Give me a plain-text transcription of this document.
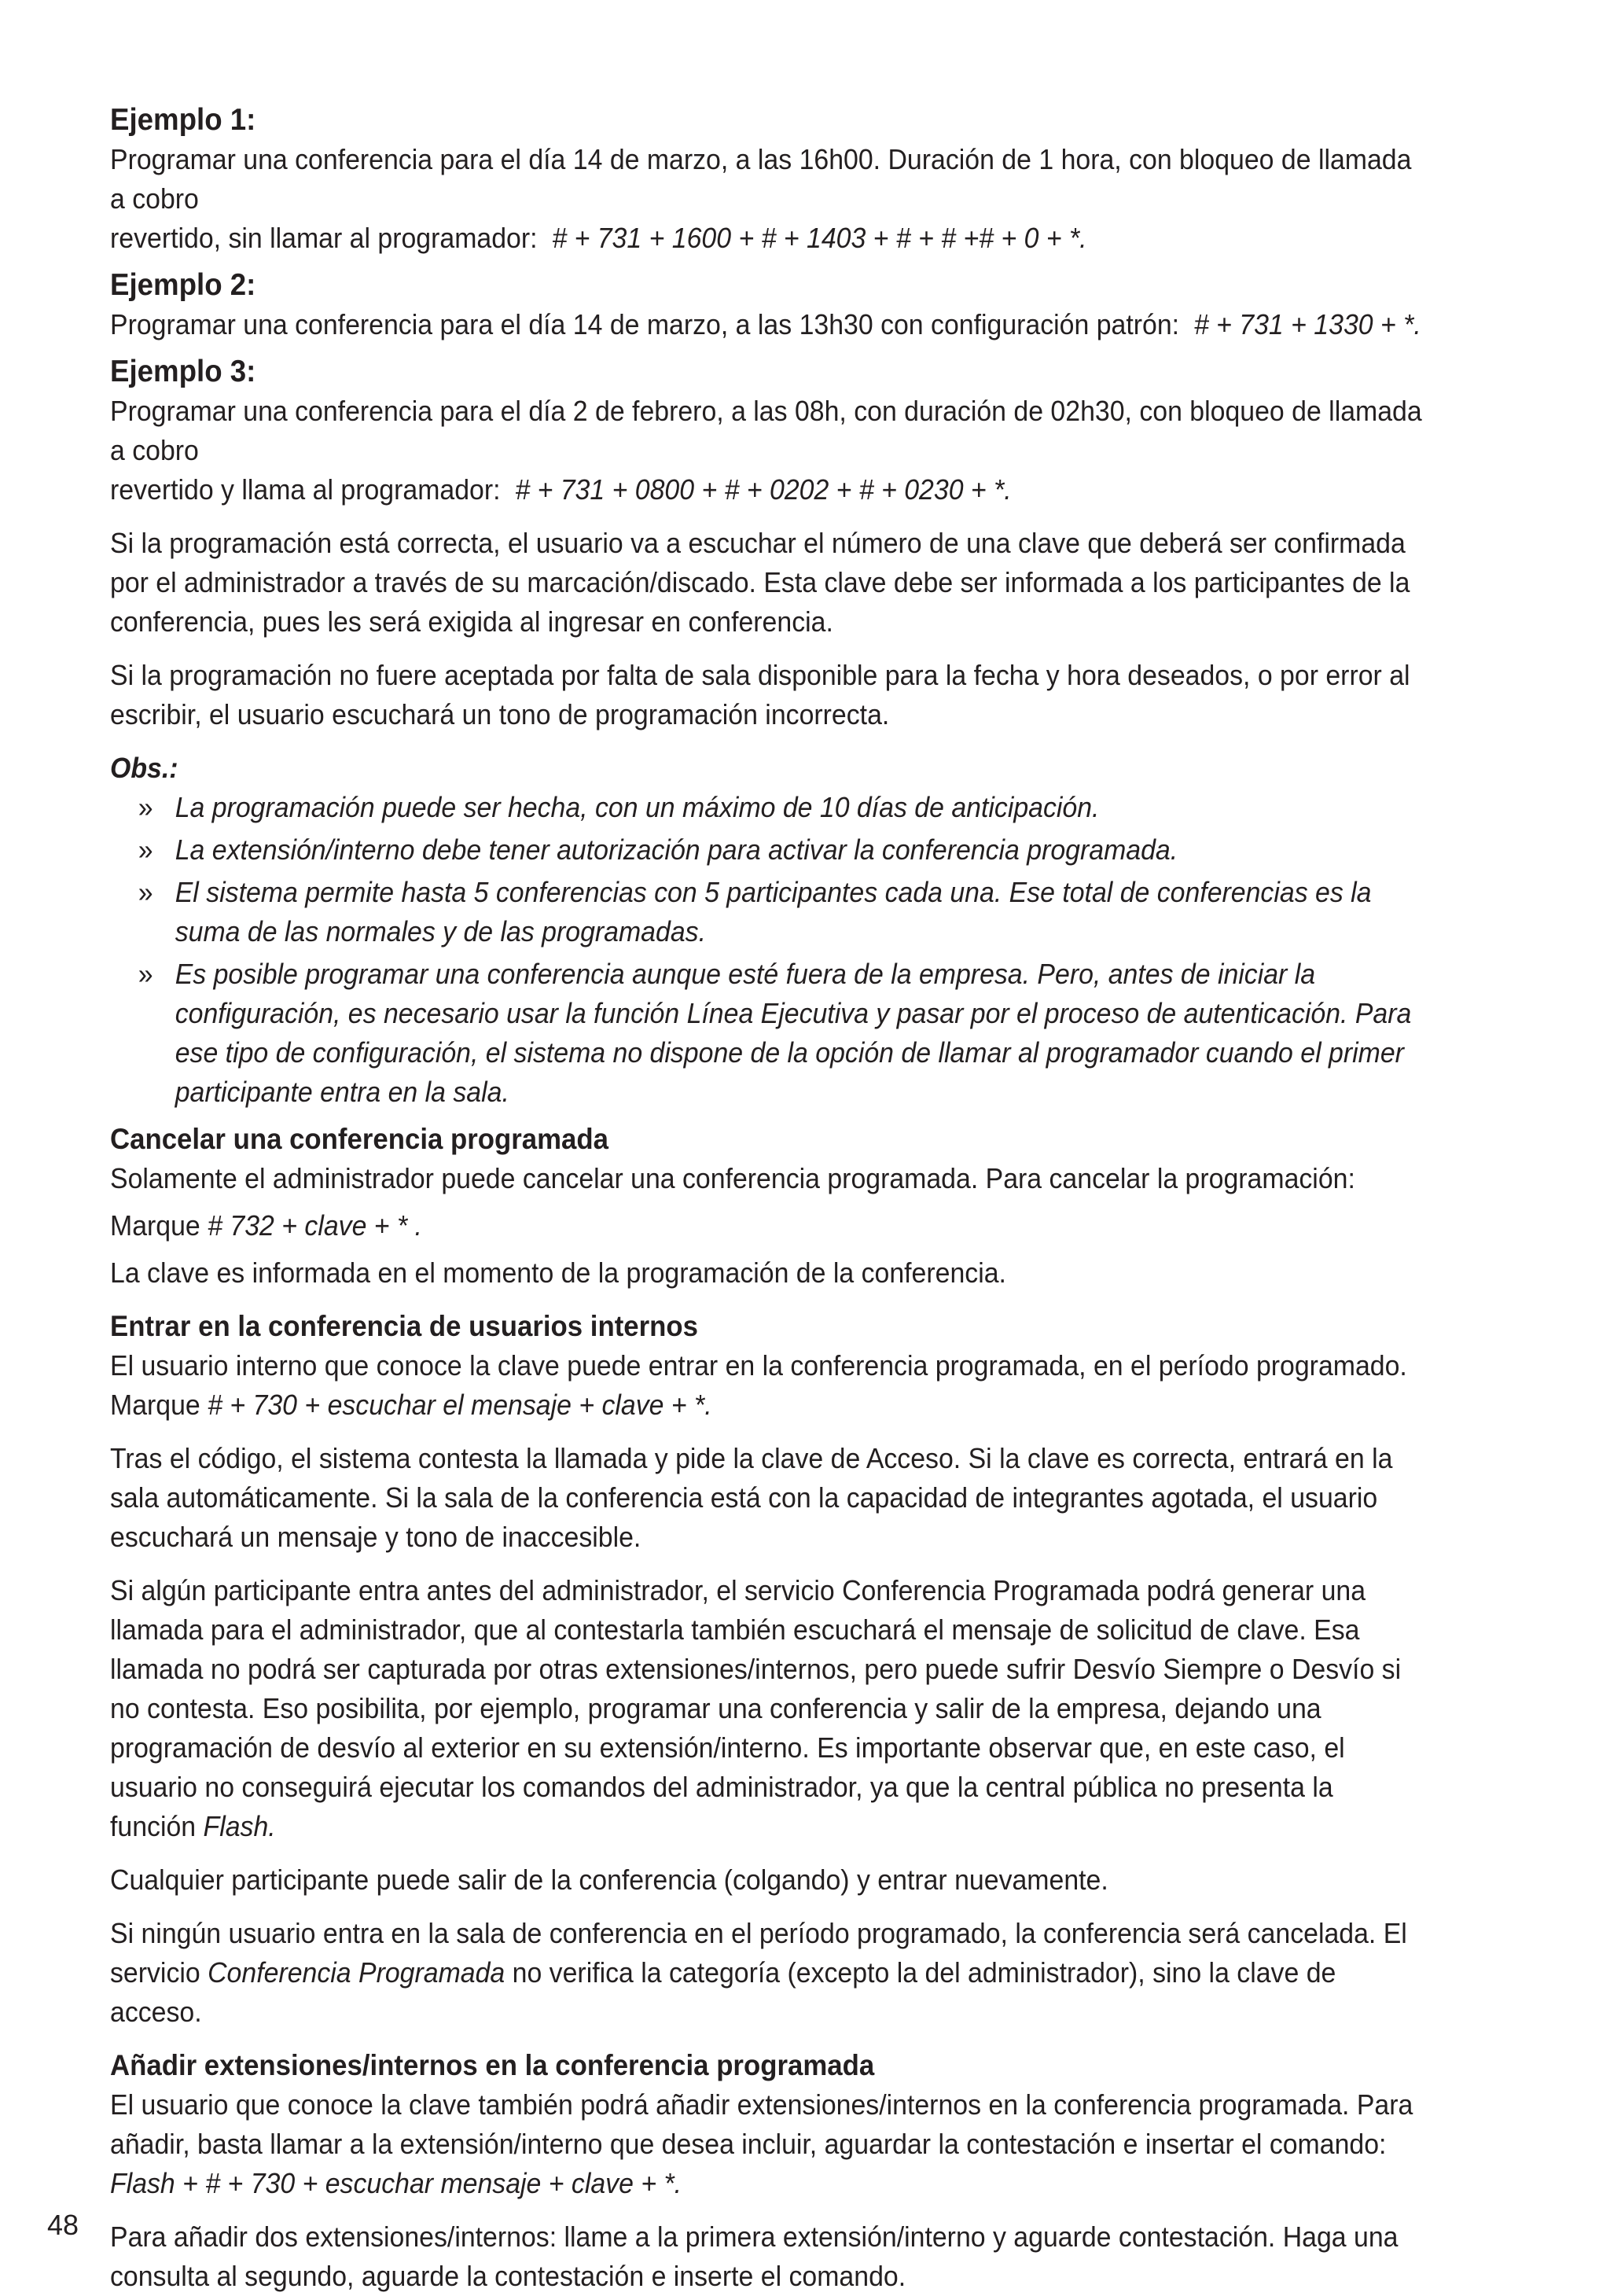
Ejemplo 1:

Programar una conferencia para el día 14 de marzo, a las 16h00. Duración de 1 hora, con bloqueo de llamada a cobro
revertido, sin llamar al programador: # + 731 + 1600 + # + 1403 + # + # +# + 0 + *.

Ejemplo 2:

Programar una conferencia para el día 14 de marzo, a las 13h30 con configuración patrón: # + 731 + 1330 + *.

Ejemplo 3:

Programar una conferencia para el día 2 de febrero, a las 08h, con duración de 02h30, con bloqueo de llamada a cobro
revertido y llama al programador: # + 731 + 0800 + # + 0202 + # + 0230 + *.

Si la programación está correcta, el usuario va a escuchar el número de una clave que deberá ser confirmada por el administrador a través de su marcación/discado. Esta clave debe ser informada a los participantes de la conferencia, pues les será exigida al ingresar en conferencia.

Si la programación no fuere aceptada por falta de sala disponible para la fecha y hora deseados, o por error al escribir, el usuario escuchará un tono de programación incorrecta.

Obs.:

» La programación puede ser hecha, con un máximo de 10 días de anticipación.
» La extensión/interno debe tener autorización para activar la conferencia programada.
» El sistema permite hasta 5 conferencias con 5 participantes cada una. Ese total de conferencias es la suma de las normales y de las programadas.
» Es posible programar una conferencia aunque esté fuera de la empresa. Pero, antes de iniciar la configuración, es necesario usar la función Línea Ejecutiva y pasar por el proceso de autenticación. Para ese tipo de configuración, el sistema no dispone de la opción de llamar al programador cuando el primer participante entra en la sala.
Cancelar una conferencia programada

Solamente el administrador puede cancelar una conferencia programada. Para cancelar la programación:

Marque # 732 + clave + * .

La clave es informada en el momento de la programación de la conferencia.

Entrar en la conferencia de usuarios internos

El usuario interno que conoce la clave puede entrar en la conferencia programada, en el período programado.

Marque # + 730 + escuchar el mensaje + clave + *.

Tras el código, el sistema contesta la llamada y pide la clave de Acceso. Si la clave es correcta, entrará en la sala automáticamente. Si la sala de la conferencia está con la capacidad de integrantes agotada, el usuario escuchará un mensaje y tono de inaccesible.

Si algún participante entra antes del administrador, el servicio Conferencia Programada podrá generar una llamada para el administrador, que al contestarla también escuchará el mensaje de solicitud de clave. Esa llamada no podrá ser capturada por otras extensiones/internos, pero puede sufrir Desvío Siempre o Desvío si no contesta. Eso posibilita, por ejemplo, programar una conferencia y salir de la empresa, dejando una programación de desvío al exterior en su extensión/interno. Es importante observar que, en este caso, el usuario no conseguirá ejecutar los comandos del administrador, ya que la central pública no presenta la función Flash.

Cualquier participante puede salir de la conferencia (colgando) y entrar nuevamente.

Si ningún usuario entra en la sala de conferencia en el período programado, la conferencia será cancelada. El servicio Conferencia Programada no verifica la categoría (excepto la del administrador), sino la clave de acceso.

Añadir extensiones/internos en la conferencia programada

El usuario que conoce la clave también podrá añadir extensiones/internos en la conferencia programada. Para añadir, basta llamar a la extensión/interno que desea incluir, aguardar la contestación e insertar el comando:

Flash + # + 730 + escuchar mensaje + clave + *.

Para añadir dos extensiones/internos: llame a la primera extensión/interno y aguarde contestación. Haga una consulta al segundo, aguarde la contestación e inserte el comando.

48
